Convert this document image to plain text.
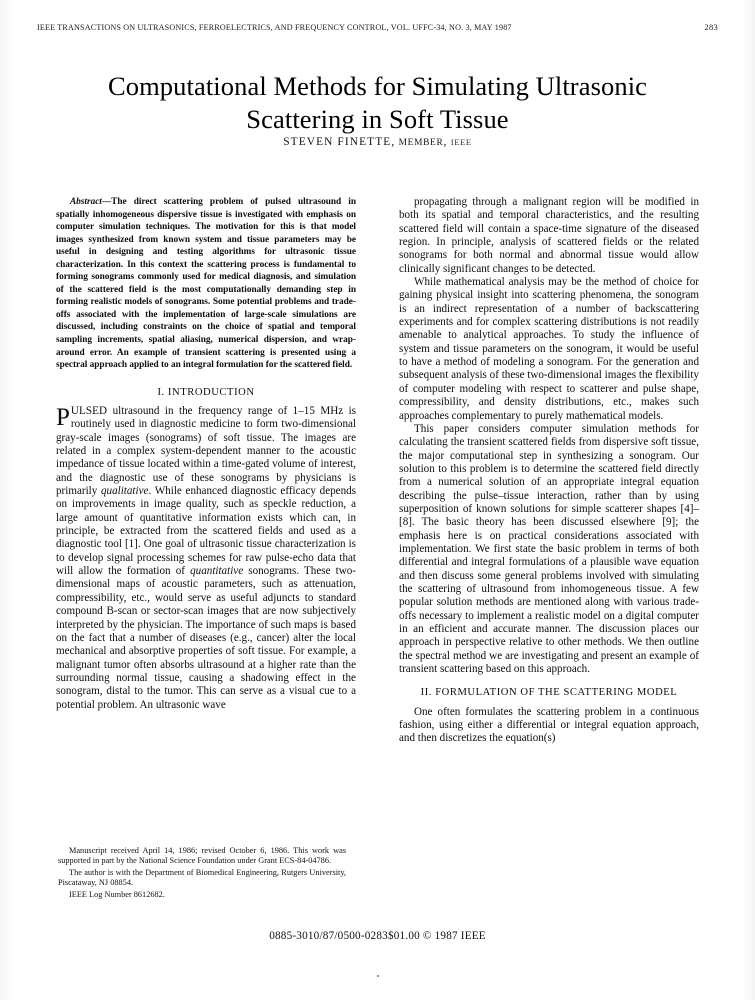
IEEE TRANSACTIONS ON ULTRASONICS, FERROELECTRICS, AND FREQUENCY CONTROL, VOL. UFFC-34, NO. 3, MAY 1987	283
Computational Methods for Simulating Ultrasonic Scattering in Soft Tissue
STEVEN FINETTE, MEMBER, IEEE

Abstract—The direct scattering problem of pulsed ultrasound in spatially inhomogeneous dispersive tissue is investigated with emphasis on computer simulation techniques. The motivation for this is that model images synthesized from known system and tissue parameters may be useful in designing and testing algorithms for ultrasonic tissue characterization. In this context the scattering process is fundamental to forming sonograms commonly used for medical diagnosis, and simulation of the scattered field is the most computationally demanding step in forming realistic models of sonograms. Some potential problems and trade-offs associated with the implementation of large-scale simulations are discussed, including constraints on the choice of spatial and temporal sampling increments, spatial aliasing, numerical dispersion, and wrap-around error. An example of transient scattering is presented using a spectral approach applied to an integral formulation for the scattered field.

I. INTRODUCTION

PULSED ultrasound in the frequency range of 1–15 MHz is routinely used in diagnostic medicine to form two-dimensional gray-scale images (sonograms) of soft tissue. The images are related in a complex system-dependent manner to the acoustic impedance of tissue located within a time-gated volume of interest, and the diagnostic use of these sonograms by physicians is primarily qualitative. While enhanced diagnostic efficacy depends on improvements in image quality, such as speckle reduction, a large amount of quantitative information exists which can, in principle, be extracted from the scattered fields and used as a diagnostic tool [1]. One goal of ultrasonic tissue characterization is to develop signal processing schemes for raw pulse-echo data that will allow the formation of quantitative sonograms. These two-dimensional maps of acoustic parameters, such as attenuation, compressibility, etc., would serve as useful adjuncts to standard compound B-scan or sector-scan images that are now subjectively interpreted by the physician. The importance of such maps is based on the fact that a number of diseases (e.g., cancer) alter the local mechanical and absorptive properties of soft tissue. For example, a malignant tumor often absorbs ultrasound at a higher rate than the surrounding normal tissue, causing a shadowing effect in the sonogram, distal to the tumor. This can serve as a visual cue to a potential problem. An ultrasonic wave

propagating through a malignant region will be modified in both its spatial and temporal characteristics, and the resulting scattered field will contain a space-time signature of the diseased region. In principle, analysis of scattered fields or the related sonograms for both normal and abnormal tissue would allow clinically significant changes to be detected.

While mathematical analysis may be the method of choice for gaining physical insight into scattering phenomena, the sonogram is an indirect representation of a number of backscattering experiments and for complex scattering distributions is not readily amenable to analytical approaches. To study the influence of system and tissue parameters on the sonogram, it would be useful to have a method of modeling a sonogram. For the generation and subsequent analysis of these two-dimensional images the flexibility of computer modeling with respect to scatterer and pulse shape, compressibility, and density distributions, etc., makes such approaches complementary to purely mathematical models.

This paper considers computer simulation methods for calculating the transient scattered fields from dispersive soft tissue, the major computational step in synthesizing a sonogram. Our solution to this problem is to determine the scattered field directly from a numerical solution of an appropriate integral equation describing the pulse–tissue interaction, rather than by using superposition of known solutions for simple scatterer shapes [4]–[8]. The basic theory has been discussed elsewhere [9]; the emphasis here is on practical considerations associated with implementation. We first state the basic problem in terms of both differential and integral formulations of a plausible wave equation and then discuss some general problems involved with simulating the scattering of ultrasound from inhomogeneous tissue. A few popular solution methods are mentioned along with various trade-offs necessary to implement a realistic model on a digital computer in an efficient and accurate manner. The discussion places our approach in perspective relative to other methods. We then outline the spectral method we are investigating and present an example of transient scattering based on this approach.

II. FORMULATION OF THE SCATTERING MODEL

One often formulates the scattering problem in a continuous fashion, using either a differential or integral equation approach, and then discretizes the equation(s)

Manuscript received April 14, 1986; revised October 6, 1986. This work was supported in part by the National Science Foundation under Grant ECS-84-04786.

The author is with the Department of Biomedical Engineering, Rutgers University, Piscataway, NJ 08854.

IEEE Log Number 8612682.

0885-3010/87/0500-0283$01.00 © 1987 IEEE
